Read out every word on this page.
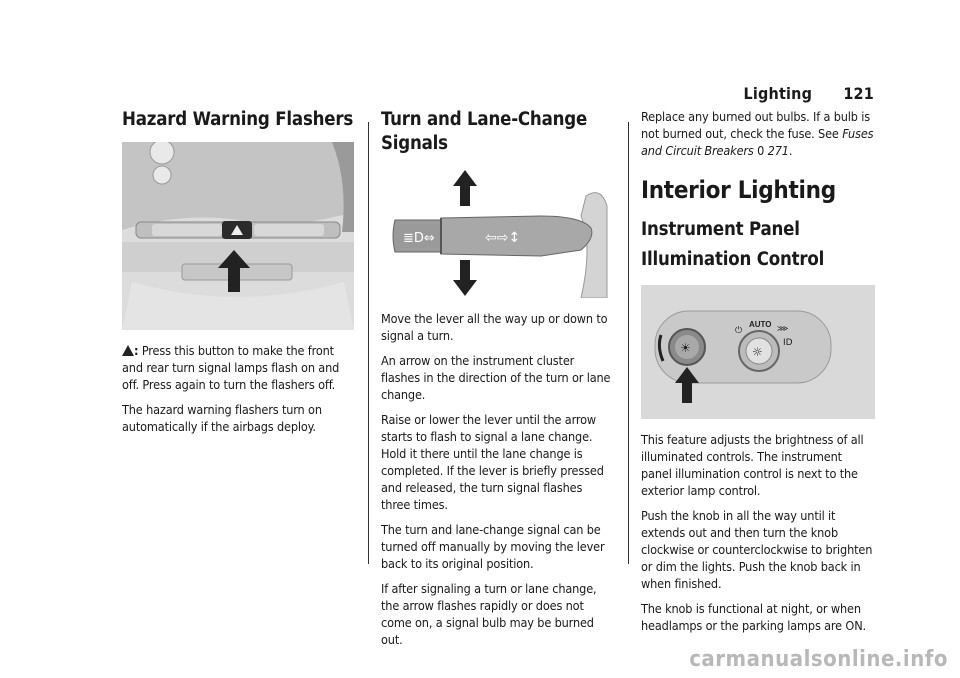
Lighting 121
Hazard Warning Flashers

: Press this button to make the front and rear turn signal lamps flash on and off. Press again to turn the flashers off.

The hazard warning flashers turn on automatically if the airbags deploy.

Turn and Lane-Change Signals
≣D⇔	⇦⇨↕

Move the lever all the way up or down to signal a turn.

An arrow on the instrument cluster flashes in the direction of the turn or lane change.

Raise or lower the lever until the arrow starts to flash to signal a lane change. Hold it there until the lane change is completed. If the lever is briefly pressed and released, the turn signal flashes three times.

The turn and lane-change signal can be turned off manually by moving the lever back to its original position.

If after signaling a turn or lane change, the arrow flashes rapidly or does not come on, a signal bulb may be burned out.

Replace any burned out bulbs. If a bulb is not burned out, check the fuse. See Fuses and Circuit Breakers 0 271.

Interior Lighting
Instrument Panel Illumination Control
☀	☼
⏻
AUTO ⋙
ID

This feature adjusts the brightness of all illuminated controls. The instrument panel illumination control is next to the exterior lamp control.

Push the knob in all the way until it extends out and then turn the knob clockwise or counterclockwise to brighten or dim the lights. Push the knob back in when finished.

The knob is functional at night, or when headlamps or the parking lamps are ON.

carmanualsonline.info
